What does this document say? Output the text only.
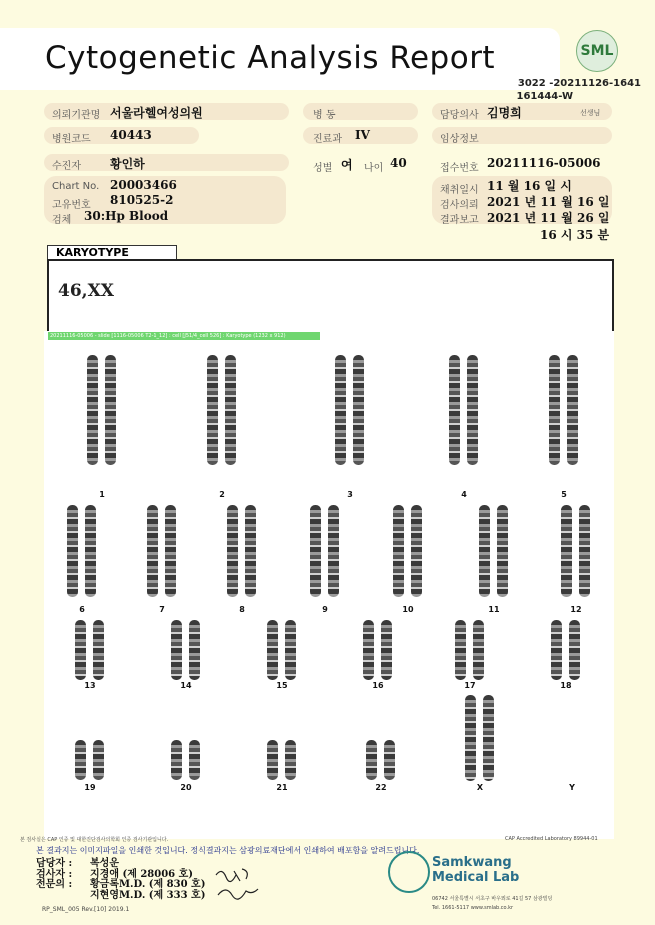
Cytogenetic Analysis Report	SML
3022 -20211126-1641
161444-W
의뢰기관명 서울라헬여성의원	병 동	담당의사 김명희	선생님
병원코드 40443	진료과 IV	임상정보
수진자 황인하	성별 여 나이 40	접수번호 20211116-05006
Chart No. 20003466
고유번호 810525-2
검체 30:Hp Blood
채취일시 11 월 16 일 시
검사의뢰 2021 년 11 월 16 일
결과보고 2021 년 11 월 26 일
16 시 35 분
KARYOTYPE
46,XX
20211116-05006 - slide [1116-05006 T2-1_12] : cell [J51/4_cell 526] : Karyotype (1232 x 912)
1	2	3	4	5
6	7	8	9	10	11	12
13	14	15	16	17	18
19	20	21	22	X	Y
본 검사실은 CAP 인증 및 대한진단검사의학회 인증 검사기관입니다.	CAP Accredited Laboratory 89944-01
본 결과지는 이미지파일을 인쇄한 것입니다. 정식결과지는 삼광의료재단에서 인쇄하여 배포함을 알려드립니다.
담당자 : 복성운
검사자 : 지경애 (제 28006 호)
전문의 : 황금록M.D. (제 830 호)
지현영M.D. (제 333 호)
Samkwang
Medical Lab
06742 서울특별시 서초구 바우뫼로 41길 57 삼광빌딩
Tel. 1661-5117 www.smlab.co.kr
RP_SML_005 Rev.[10] 2019.1
